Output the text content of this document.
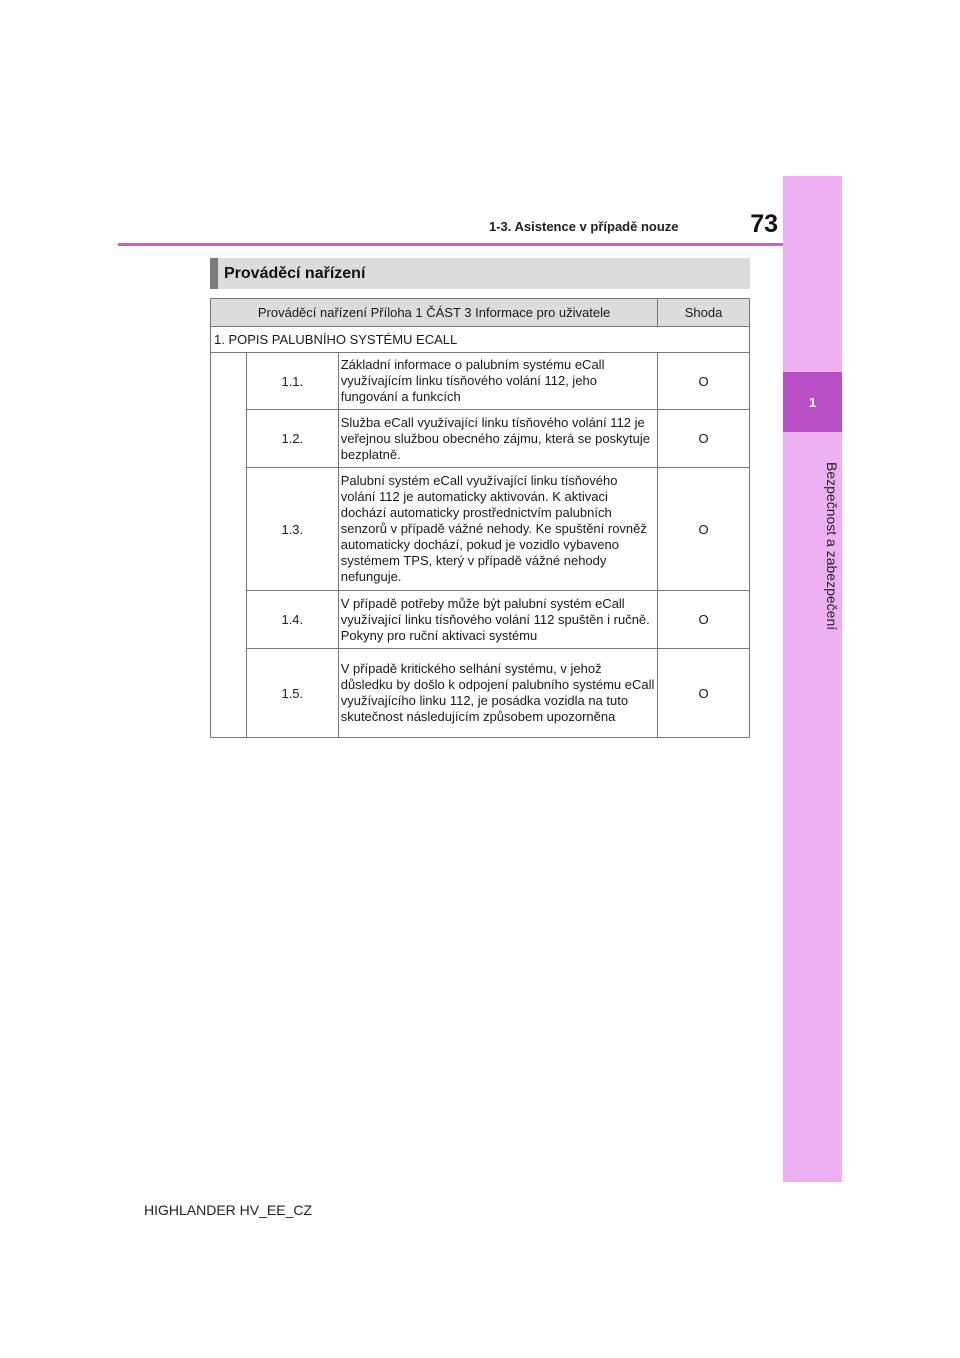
1
Bezpečnost a zabezpečení
1-3. Asistence v případě nouze	73
Prováděcí nařízení
Prováděcí nařízení Příloha 1 ČÁST 3 Informace pro uživatele			Shoda
1. POPIS PALUBNÍHO SYSTÉMU ECALL			
	1.1.	Základní informace o palubním systému eCall využívajícím linku tísňového volání 112, jeho fungování a funkcích	O
	1.2.	Služba eCall využívající linku tísňového volání 112 je veřejnou službou obecného zájmu, která se poskytuje bezplatně.	O
	1.3.	Palubní systém eCall využívající linku tísňového volání 112 je automaticky aktivován. K aktivaci dochází automaticky prostřednictvím palubních senzorů v případě vážné nehody. Ke spuštění rovněž automaticky dochází, pokud je vozidlo vybaveno systémem TPS, který v případě vážné nehody nefunguje.	O
	1.4.	V případě potřeby může být palubní systém eCall využívající linku tísňového volání 112 spuštěn i ručně. Pokyny pro ruční aktivaci systému	O
	1.5.	V případě kritického selhání systému, v jehož důsledku by došlo k odpojení palubního systému eCall využívajícího linku 112, je posádka vozidla na tuto skutečnost následujícím způsobem upozorněna	O
HIGHLANDER HV_EE_CZ
